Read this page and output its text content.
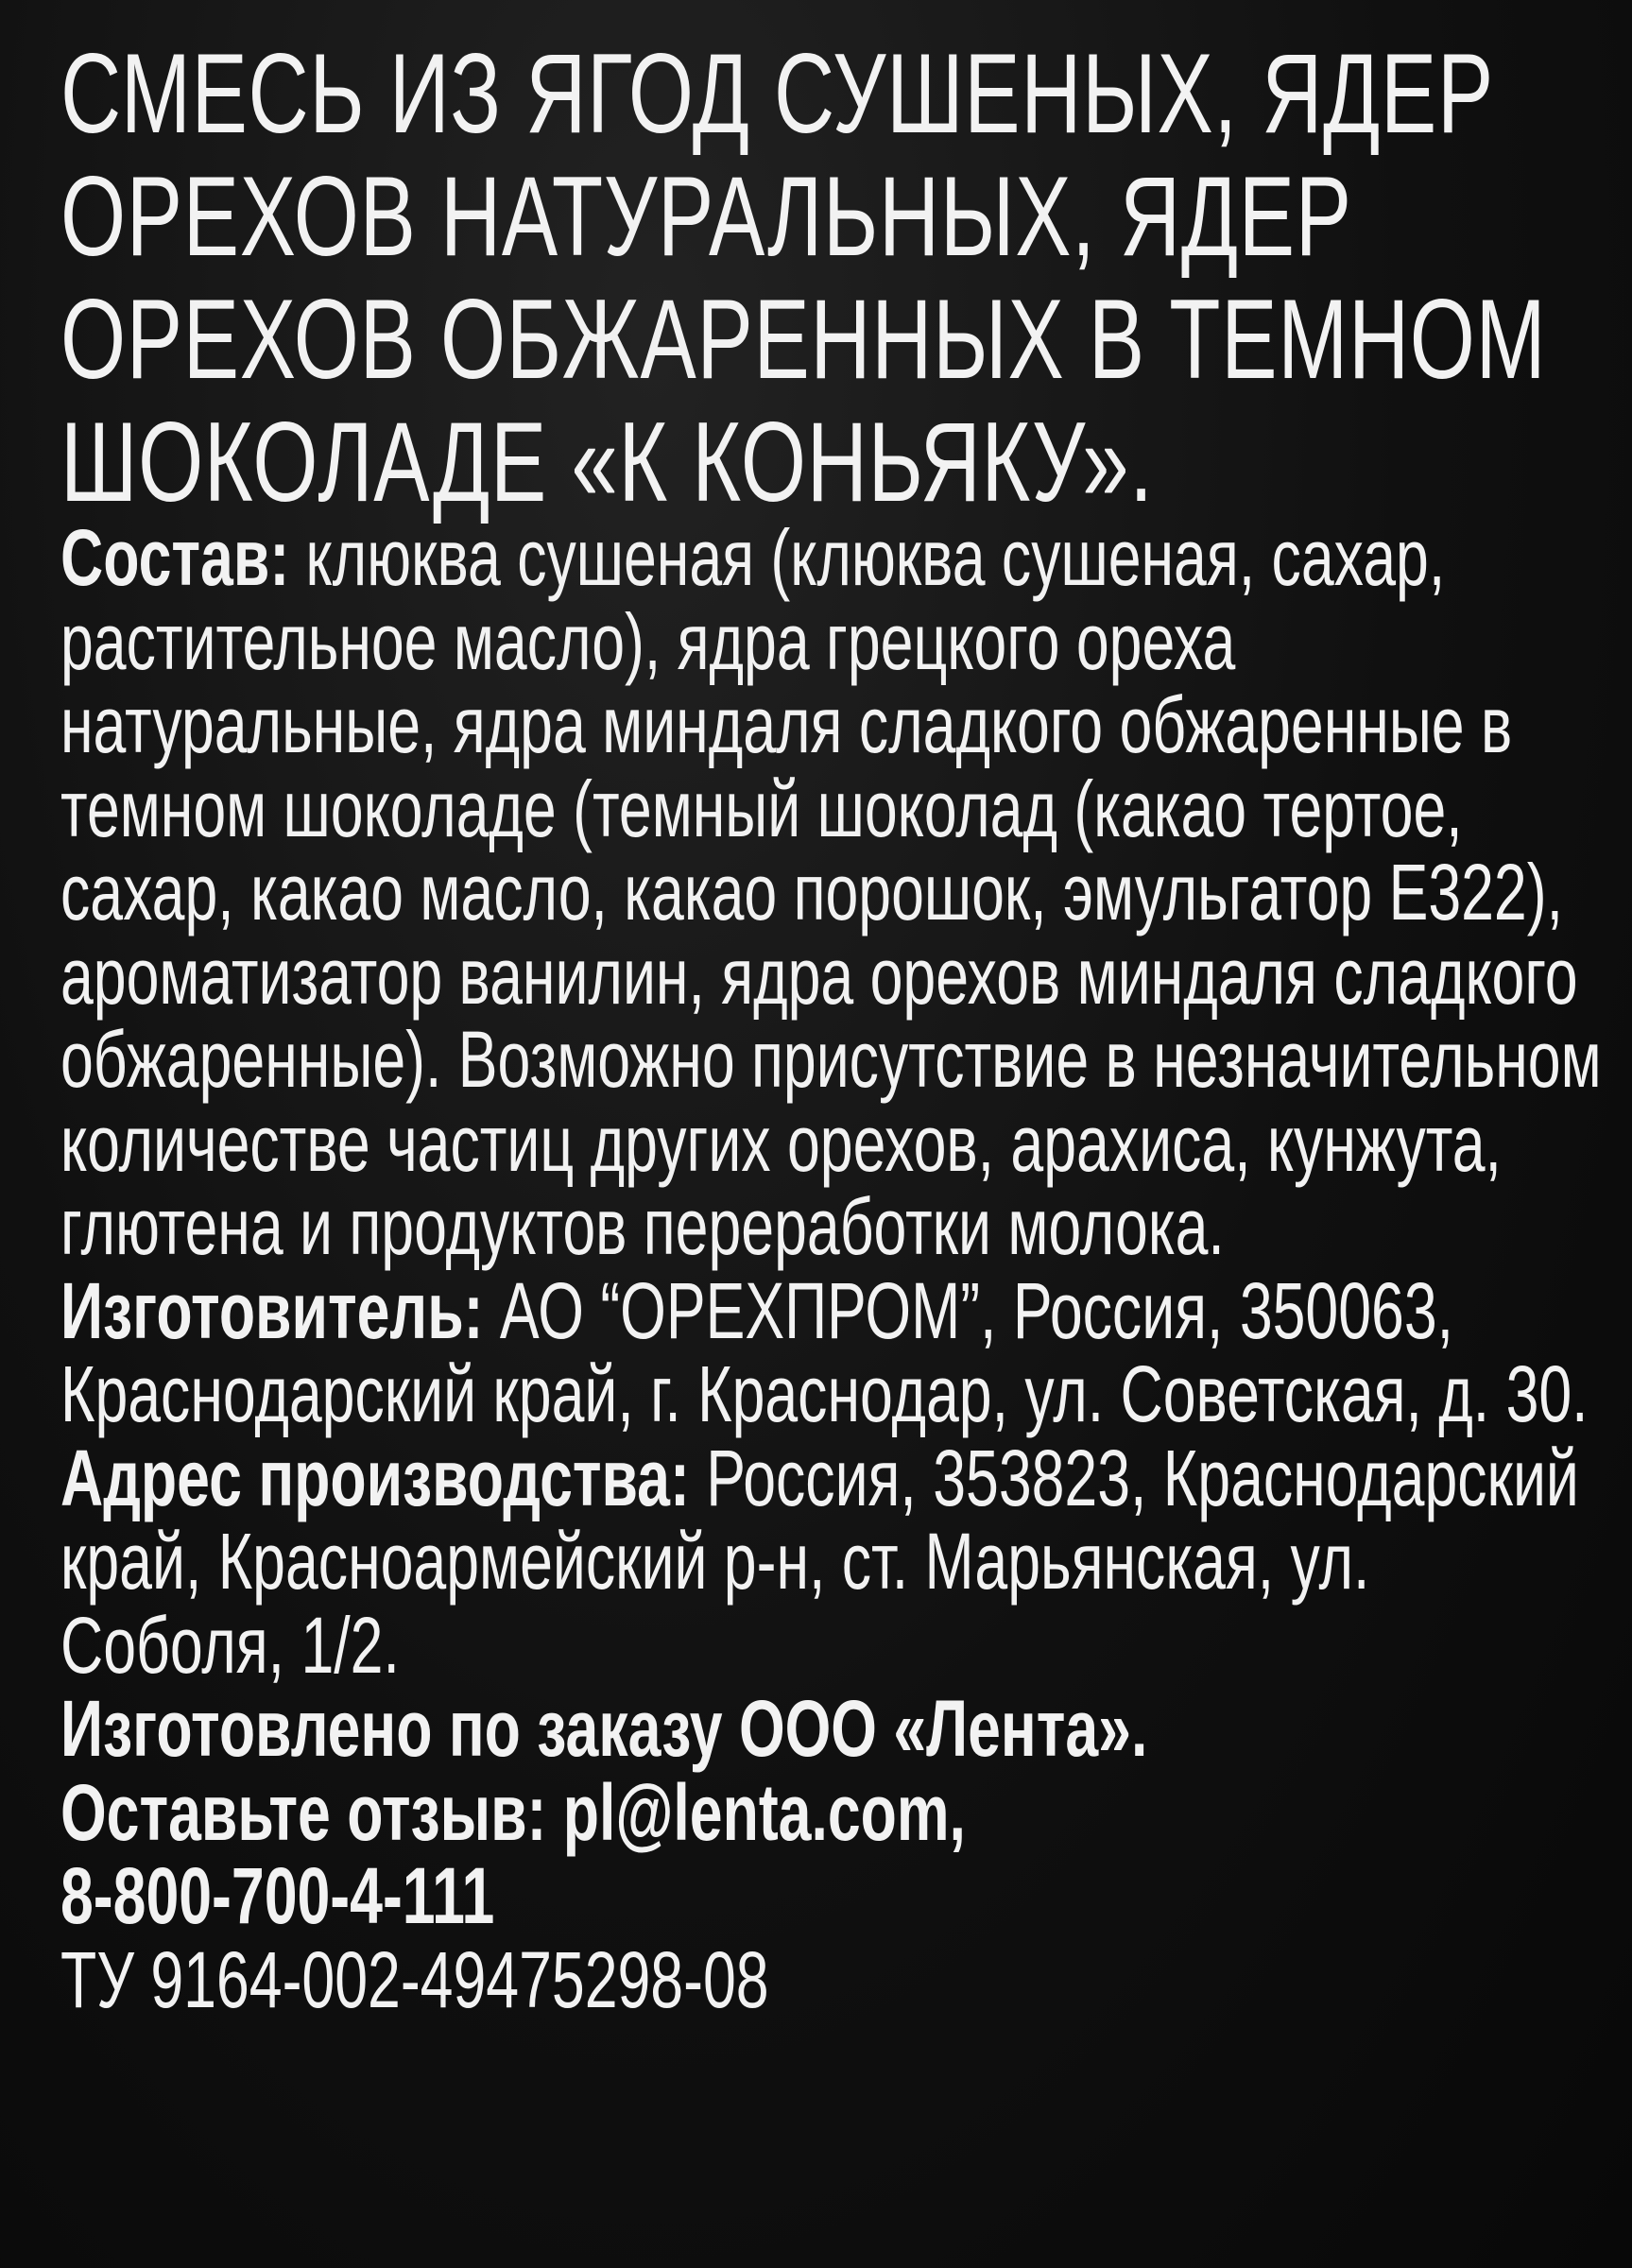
СМЕСЬ ИЗ ЯГОД СУШЕНЫХ, ЯДЕР ОРЕХОВ НАТУРАЛЬНЫХ, ЯДЕР ОРЕХОВ ОБЖАРЕННЫХ В ТЕМНОМ ШОКОЛАДЕ «К КОНЬЯКУ».

Состав: клюква сушеная (клюква сушеная, сахар, растительное масло), ядра грецкого ореха натуральные, ядра миндаля сладкого обжаренные в темном шоколаде (темный шоколад (какао тертое, сахар, какао масло, какао порошок, эмульгатор Е322), ароматизатор ванилин, ядра орехов миндаля сладкого обжаренные). Возможно присутствие в незначительном количестве частиц других орехов, арахиса, кунжута, глютена и продуктов переработки молока.

Изготовитель: АО “ОРЕХПРОМ”, Россия, 350063, Краснодарский край, г. Краснодар, ул. Советская, д. 30.

Адрес производства: Россия, 353823, Краснодарский край, Красноармейский р-н, ст. Марьянская, ул. Соболя, 1/2.

Изготовлено по заказу ООО «Лента».

Оставьте отзыв: pl@lenta.com,

8-800-700-4-111

ТУ 9164-002-49475298-08
